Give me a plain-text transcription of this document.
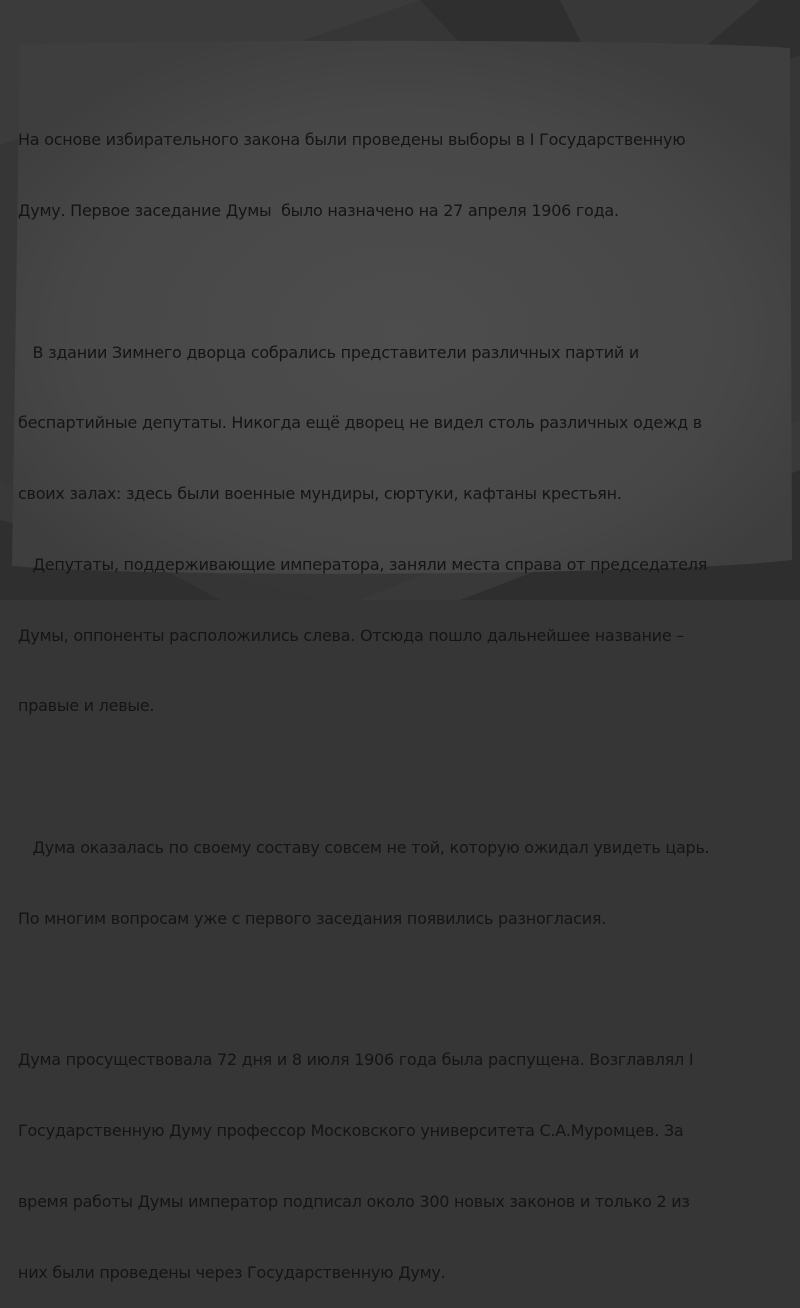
На основе избирательного закона были проведены выборы в I Государственную

Думу. Первое заседание Думы  было назначено на 27 апреля 1906 года.

В здании Зимнего дворца собрались представители различных партий и

беспартийные депутаты. Никогда ещё дворец не видел столь различных одежд в

своих залах: здесь были военные мундиры, сюртуки, кафтаны крестьян.

Депутаты, поддерживающие императора, заняли места справа от председателя

Думы, оппоненты расположились слева. Отсюда пошло дальнейшее название –

правые и левые.

Дума оказалась по своему составу совсем не той, которую ожидал увидеть царь.

По многим вопросам уже с первого заседания появились разногласия.

Дума просуществовала 72 дня и 8 июля 1906 года была распущена. Возглавлял I

Государственную Думу профессор Московского университета С.А.Муромцев. За

время работы Думы император подписал около 300 новых законов и только 2 из

них были проведены через Государственную Думу.
